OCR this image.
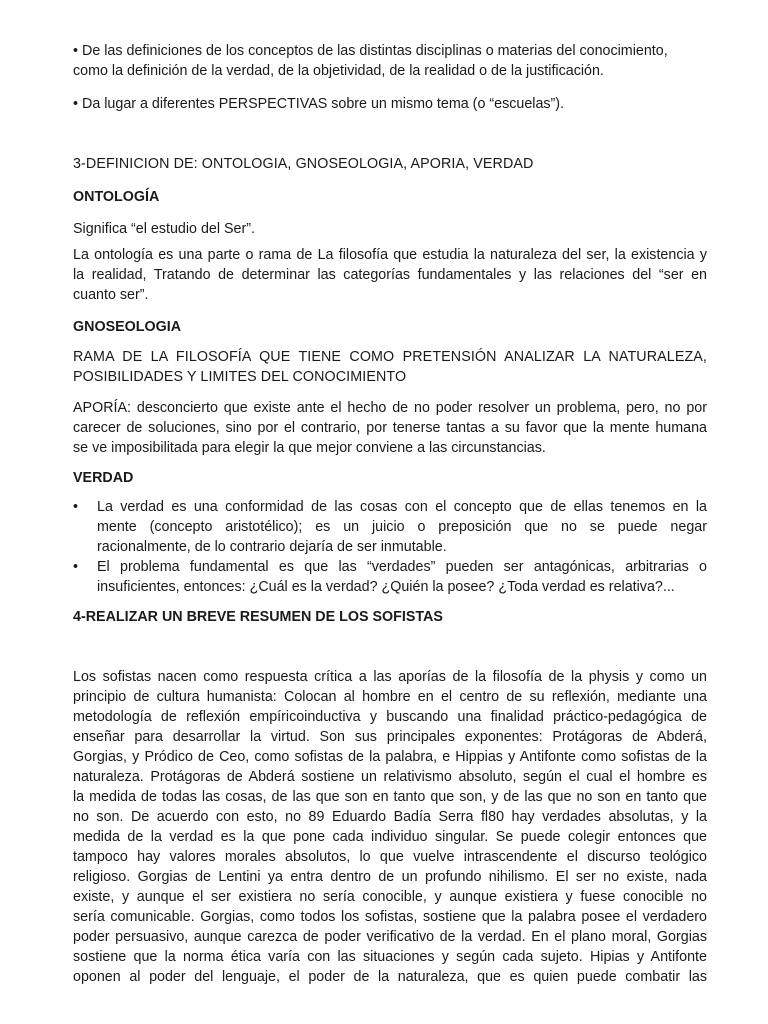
• De las definiciones de los conceptos de las distintas disciplinas o materias del conocimiento,

como la definición de la verdad, de la objetividad, de la realidad o de la justificación.

• Da lugar a diferentes PERSPECTIVAS sobre un mismo tema (o “escuelas”).

3-DEFINICION DE: ONTOLOGIA, GNOSEOLOGIA, APORIA, VERDAD

ONTOLOGÍA

Significa “el estudio del Ser”.

La ontología es una parte o rama de La filosofía que estudia la naturaleza del ser, la existencia y

la realidad, Tratando de determinar las categorías fundamentales y las relaciones del “ser en

cuanto ser”.

GNOSEOLOGIA

RAMA DE LA FILOSOFÍA QUE TIENE COMO PRETENSIÓN ANALIZAR LA NATURALEZA,

POSIBILIDADES Y LIMITES DEL CONOCIMIENTO

APORÍA: desconcierto que existe ante el hecho de no poder resolver un problema, pero, no por

carecer de soluciones, sino por el contrario, por tenerse tantas a su favor que la mente humana

se ve imposibilitada para elegir la que mejor conviene a las circunstancias.

VERDAD

• La verdad es una conformidad de las cosas con el concepto que de ellas tenemos en la

mente (concepto aristotélico); es un juicio o preposición que no se puede negar

racionalmente, de lo contrario dejaría de ser inmutable.

• El problema fundamental es que las “verdades” pueden ser antagónicas, arbitrarias o

insuficientes, entonces: ¿Cuál es la verdad? ¿Quién la posee? ¿Toda verdad es relativa?...

4-REALIZAR UN BREVE RESUMEN DE LOS SOFISTAS

Los sofistas nacen como respuesta crítica a las aporías de la filosofía de la physis y como un

principio de cultura humanista: Colocan al hombre en el centro de su reflexión, mediante una

metodología de reflexión empíricoinductiva y buscando una finalidad práctico-pedagógica de

enseñar para desarrollar la virtud. Son sus principales exponentes: Protágoras de Abderá,

Gorgias, y Pródico de Ceo, como sofistas de la palabra, e Hippias y Antifonte como sofistas de la

naturaleza. Protágoras de Abderá sostiene un relativismo absoluto, según el cual el hombre es

la medida de todas las cosas, de las que son en tanto que son, y de las que no son en tanto que

no son. De acuerdo con esto, no 89 Eduardo Badía Serra fl80 hay verdades absolutas, y la

medida de la verdad es la que pone cada individuo singular. Se puede colegir entonces que

tampoco hay valores morales absolutos, lo que vuelve intrascendente el discurso teológico

religioso. Gorgias de Lentini ya entra dentro de un profundo nihilismo. El ser no existe, nada

existe, y aunque el ser existiera no sería conocible, y aunque existiera y fuese conocible no

sería comunicable. Gorgias, como todos los sofistas, sostiene que la palabra posee el verdadero

poder persuasivo, aunque carezca de poder verificativo de la verdad. En el plano moral, Gorgias

sostiene que la norma ética varía con las situaciones y según cada sujeto. Hipias y Antifonte

oponen al poder del lenguaje, el poder de la naturaleza, que es quien puede combatir las
